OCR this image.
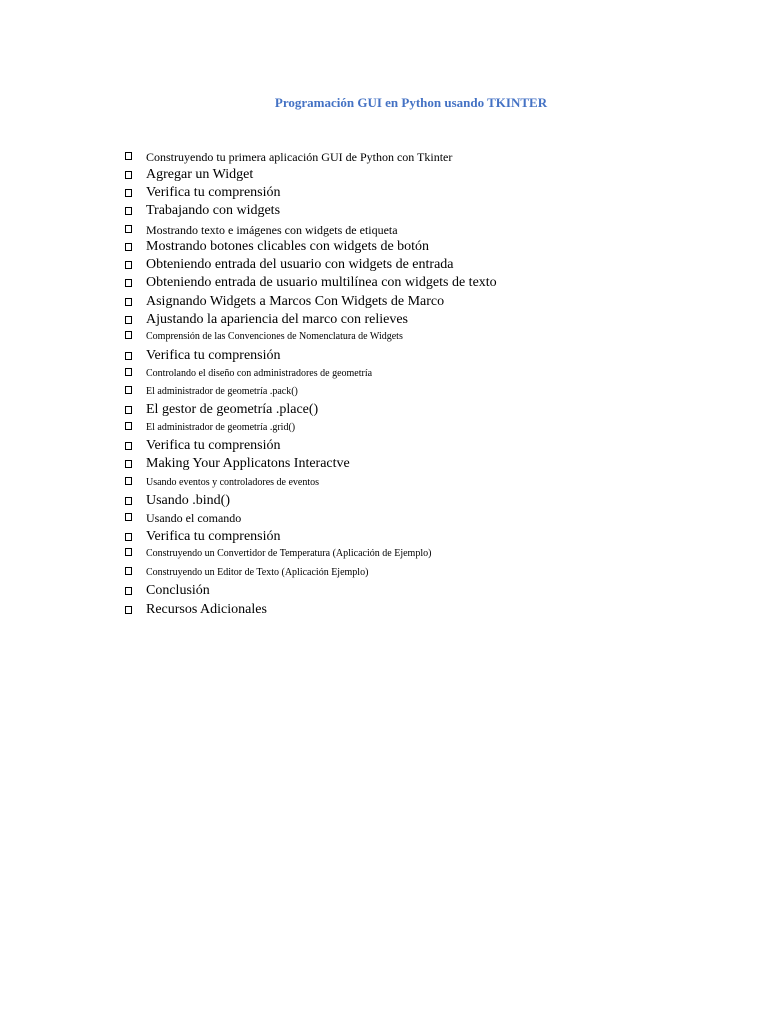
Programación GUI en Python usando TKINTER
Construyendo tu primera aplicación GUI de Python con Tkinter
Agregar un Widget
Verifica tu comprensión
Trabajando con widgets
Mostrando texto e imágenes con widgets de etiqueta
Mostrando botones clicables con widgets de botón
Obteniendo entrada del usuario con widgets de entrada
Obteniendo entrada de usuario multilínea con widgets de texto
Asignando Widgets a Marcos Con Widgets de Marco
Ajustando la apariencia del marco con relieves
Comprensión de las Convenciones de Nomenclatura de Widgets
Verifica tu comprensión
Controlando el diseño con administradores de geometría
El administrador de geometría .pack()
El gestor de geometría .place()
El administrador de geometría .grid()
Verifica tu comprensión
Making Your Applicatons Interactve
Usando eventos y controladores de eventos
Usando .bind()
Usando el comando
Verifica tu comprensión
Construyendo un Convertidor de Temperatura (Aplicación de Ejemplo)
Construyendo un Editor de Texto (Aplicación Ejemplo)
Conclusión
Recursos Adicionales
